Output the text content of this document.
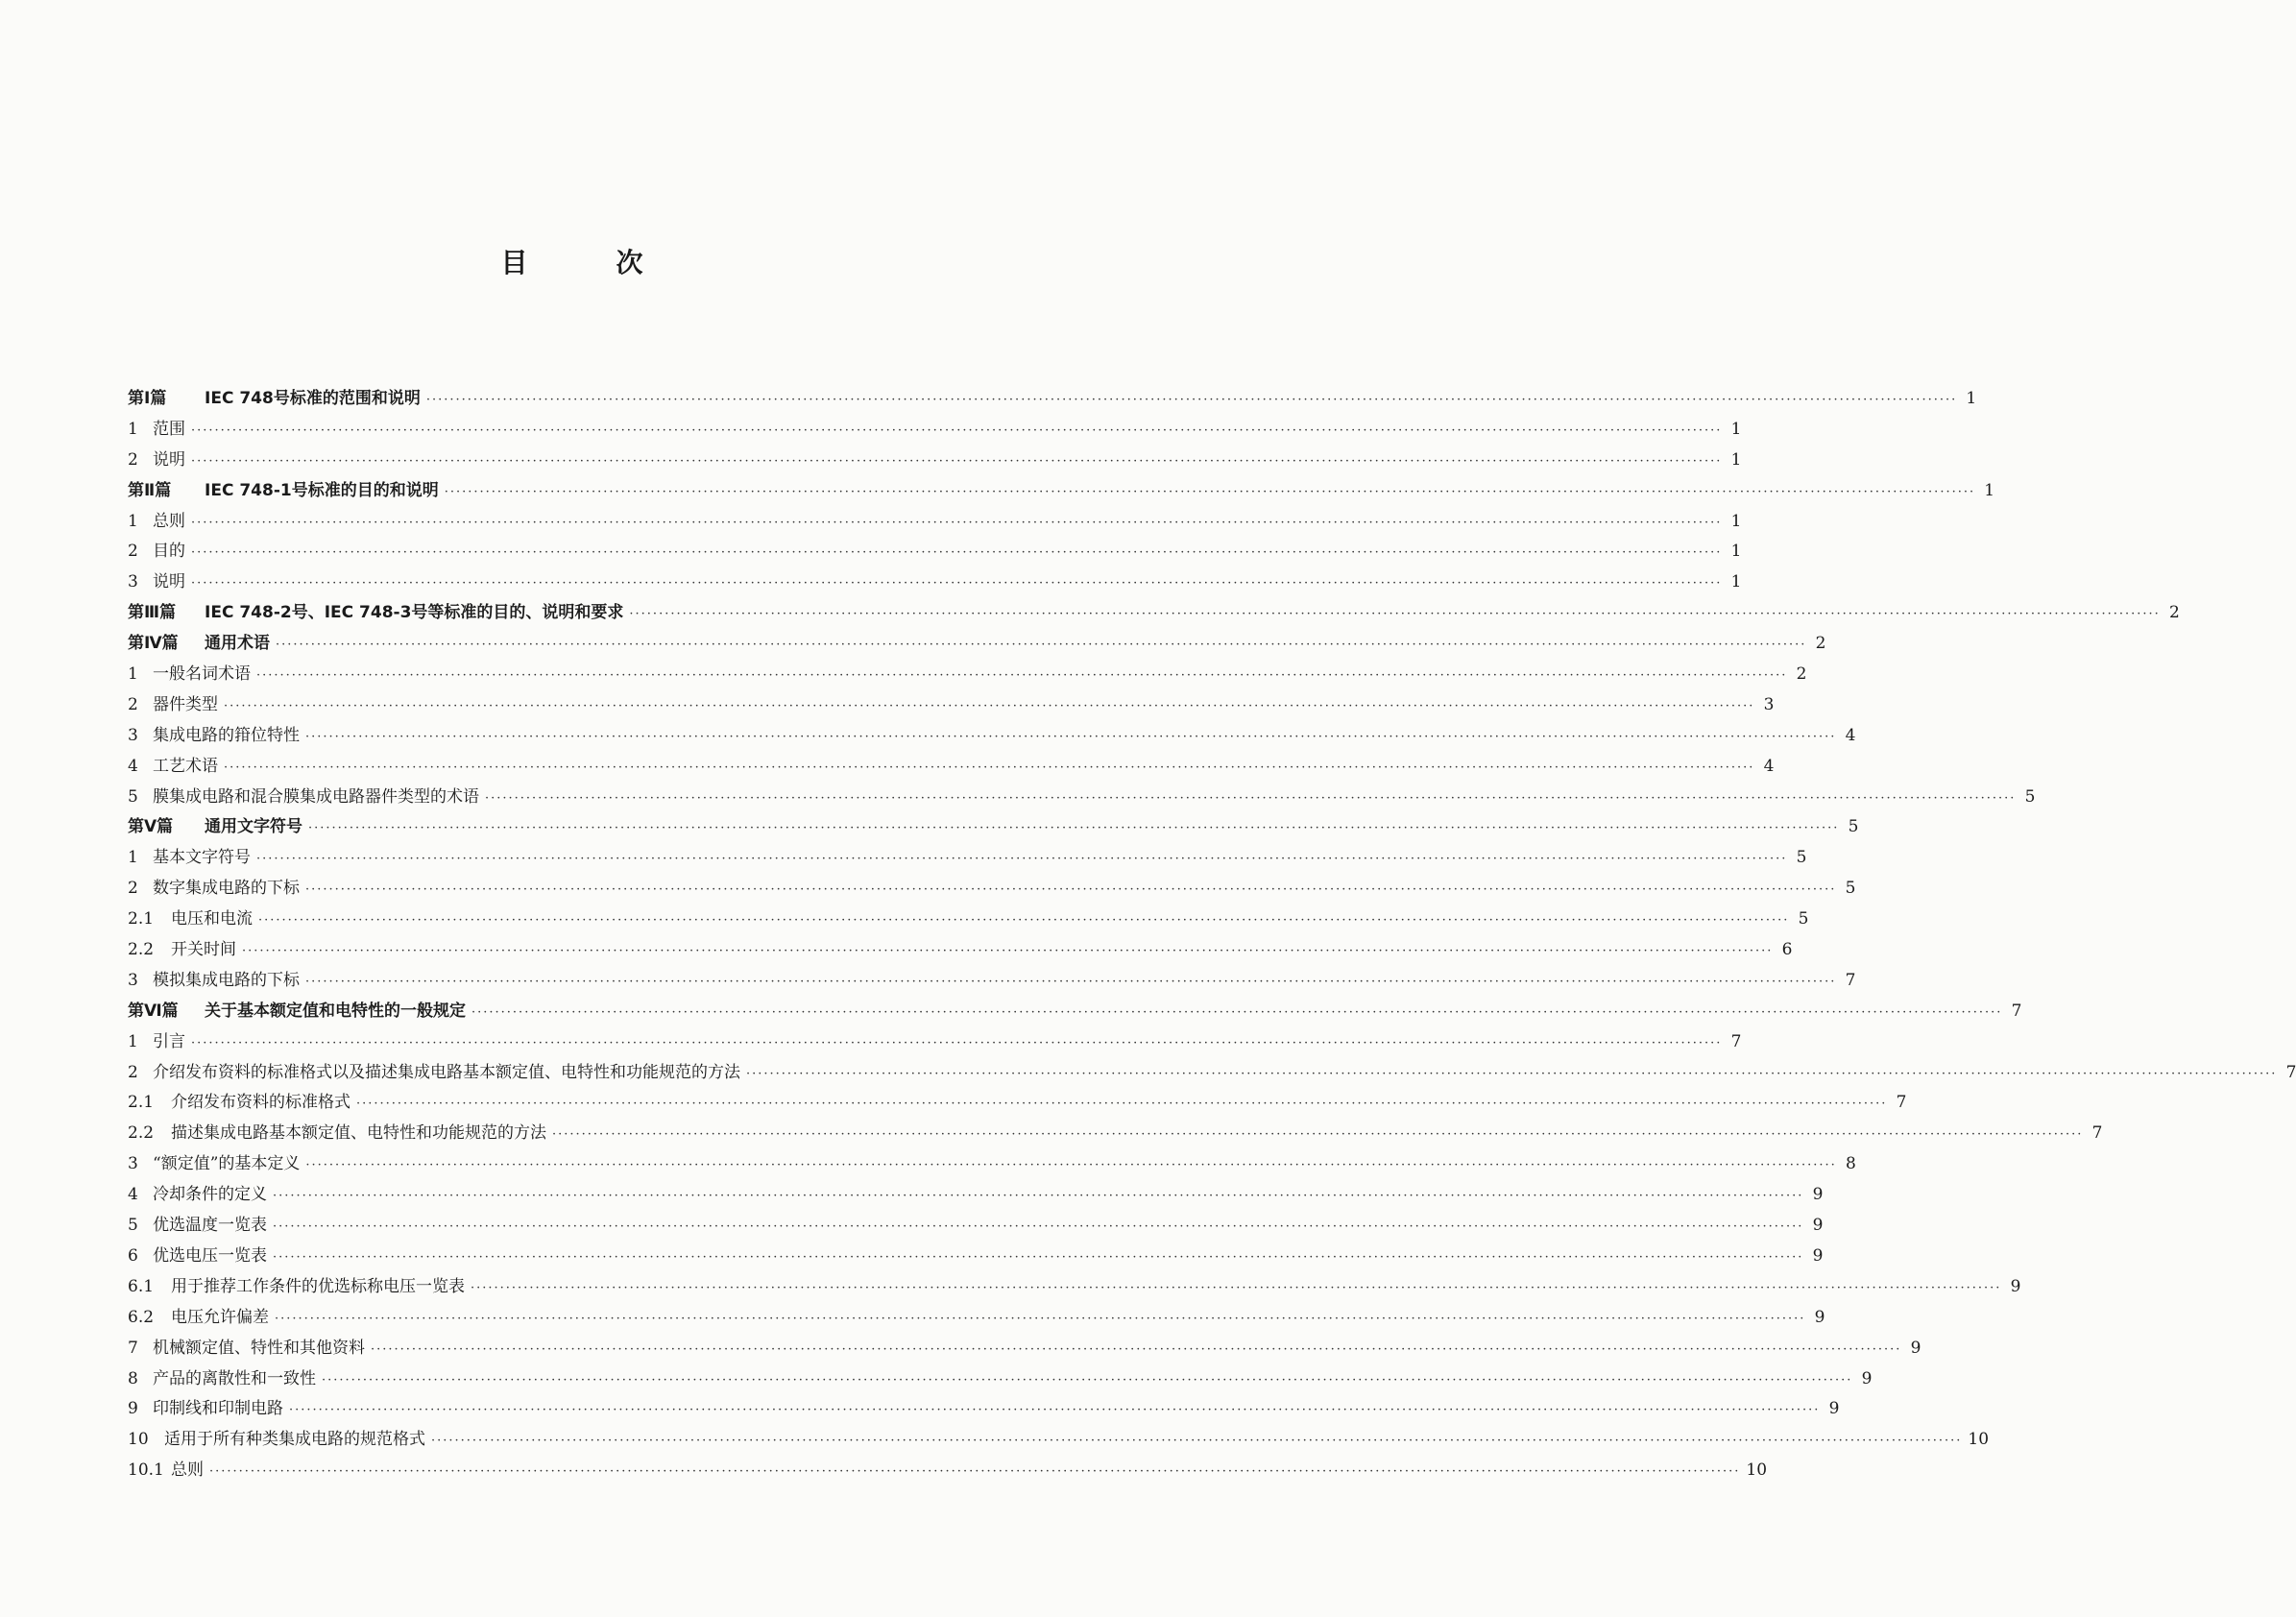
目	次
第Ⅰ篇	IEC 748号标准的范围和说明 ···································································································································································································································································· 1
1 范围 ···································································································································································································································································· 1
2 说明 ···································································································································································································································································· 1
第Ⅱ篇	IEC 748-1号标准的目的和说明 ···································································································································································································································································· 1
1 总则 ···································································································································································································································································· 1
2 目的 ···································································································································································································································································· 1
3 说明 ···································································································································································································································································· 1
第Ⅲ篇	IEC 748-2号、IEC 748-3号等标准的目的、说明和要求 ···································································································································································································································································· 2
第Ⅳ篇	通用术语 ···································································································································································································································································· 2
1 一般名词术语 ···································································································································································································································································· 2
2 器件类型 ···································································································································································································································································· 3
3 集成电路的箝位特性 ···································································································································································································································································· 4
4 工艺术语 ···································································································································································································································································· 4
5 膜集成电路和混合膜集成电路器件类型的术语 ···································································································································································································································································· 5
第Ⅴ篇	通用文字符号 ···································································································································································································································································· 5
1 基本文字符号 ···································································································································································································································································· 5
2 数字集成电路的下标 ···································································································································································································································································· 5
2.1	电压和电流 ···································································································································································································································································· 5
2.2	开关时间 ···································································································································································································································································· 6
3 模拟集成电路的下标 ···································································································································································································································································· 7
第Ⅵ篇	关于基本额定值和电特性的一般规定 ···································································································································································································································································· 7
1 引言 ···································································································································································································································································· 7
2 介绍发布资料的标准格式以及描述集成电路基本额定值、电特性和功能规范的方法 ···································································································································································································································································· 7
2.1	介绍发布资料的标准格式 ···································································································································································································································································· 7
2.2	描述集成电路基本额定值、电特性和功能规范的方法 ···································································································································································································································································· 7
3 “额定值”的基本定义 ···································································································································································································································································· 8
4 冷却条件的定义 ···································································································································································································································································· 9
5 优选温度一览表 ···································································································································································································································································· 9
6 优选电压一览表 ···································································································································································································································································· 9
6.1	用于推荐工作条件的优选标称电压一览表 ···································································································································································································································································· 9
6.2	电压允许偏差 ···································································································································································································································································· 9
7 机械额定值、特性和其他资料 ···································································································································································································································································· 9
8 产品的离散性和一致性 ···································································································································································································································································· 9
9 印制线和印制电路 ···································································································································································································································································· 9
10 适用于所有种类集成电路的规范格式 ···································································································································································································································································· 10
10.1 总则 ···································································································································································································································································· 10
